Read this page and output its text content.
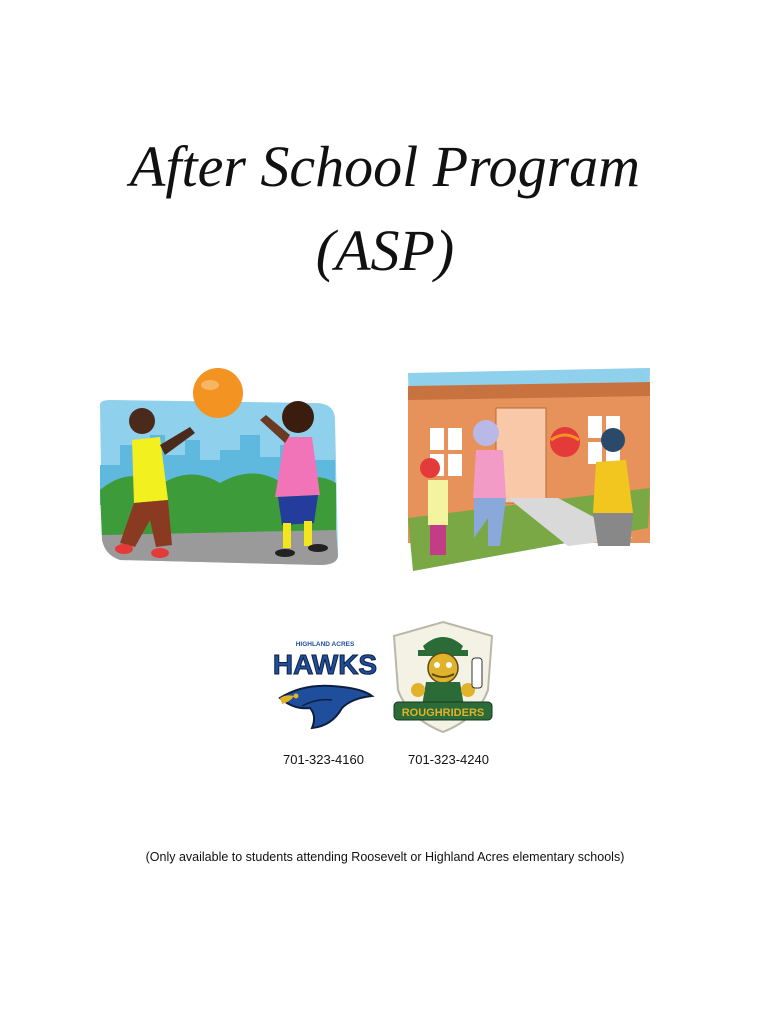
After School Program
(ASP)
HIGHLAND ACRES
HAWKS
ROUGHRIDERS
701-323-4160	701-323-4240
(Only available to students attending Roosevelt or Highland Acres elementary schools)
